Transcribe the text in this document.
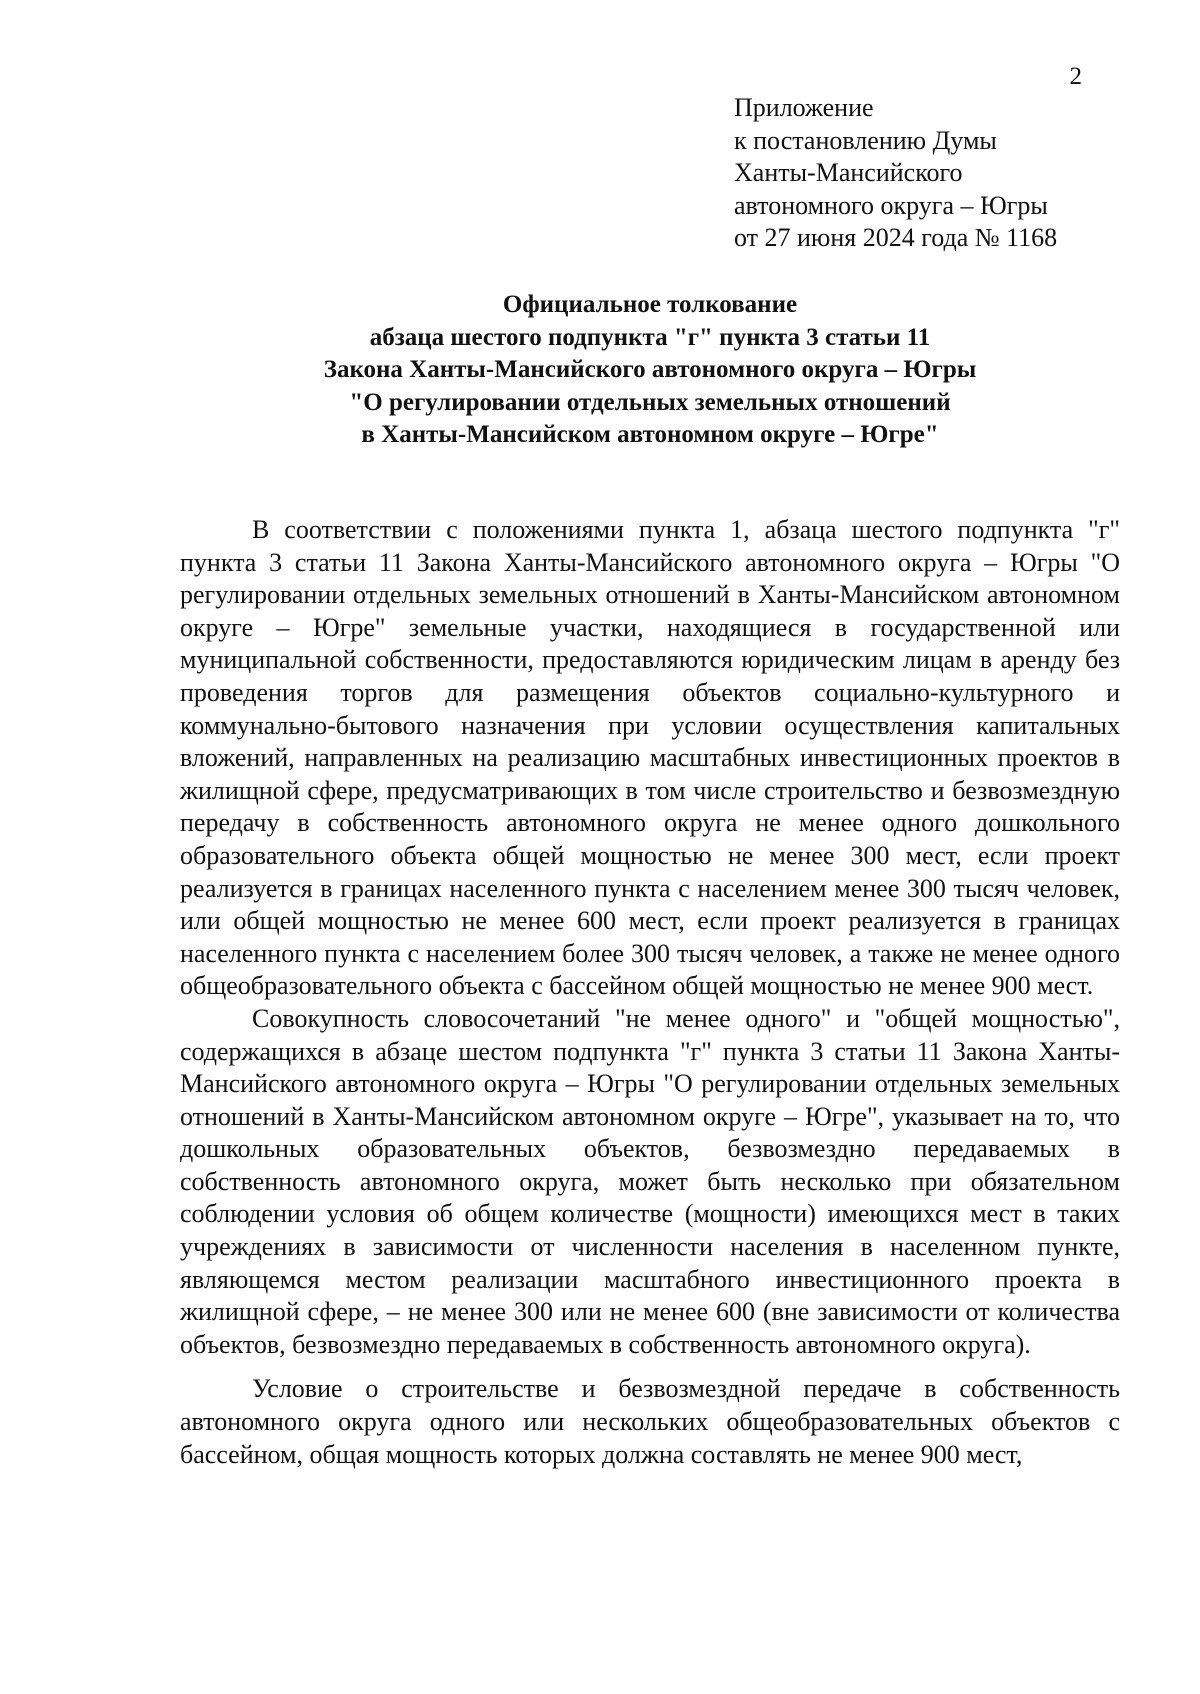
2
Приложение
к постановлению Думы
Ханты-Мансийского
автономного округа – Югры
от 27 июня 2024 года № 1168
Официальное толкование
абзаца шестого подпункта "г" пункта 3 статьи 11
Закона Ханты-Мансийского автономного округа – Югры
"О регулировании отдельных земельных отношений
в Ханты-Мансийском автономном округе – Югре"

В соответствии с положениями пункта 1, абзаца шестого подпункта "г" пункта 3 статьи 11 Закона Ханты-Мансийского автономного округа – Югры "О регулировании отдельных земельных отношений в Ханты-Мансийском автономном округе – Югре" земельные участки, находящиеся в государственной или муниципальной собственности, предоставляются юридическим лицам в аренду без проведения торгов для размещения объектов социально-культурного и коммунально-бытового назначения при условии осуществления капитальных вложений, направленных на реализацию масштабных инвестиционных проектов в жилищной сфере, предусматривающих в том числе строительство и безвозмездную передачу в собственность автономного округа не менее одного дошкольного образовательного объекта общей мощностью не менее 300 мест, если проект реализуется в границах населенного пункта с населением менее 300 тысяч человек, или общей мощностью не менее 600 мест, если проект реализуется в границах населенного пункта с населением более 300 тысяч человек, а также не менее одного общеобразовательного объекта с бассейном общей мощностью не менее 900 мест.

Совокупность словосочетаний "не менее одного" и "общей мощностью", содержащихся в абзаце шестом подпункта "г" пункта 3 статьи 11 Закона Ханты-Мансийского автономного округа – Югры "О регулировании отдельных земельных отношений в Ханты-Мансийском автономном округе – Югре", указывает на то, что дошкольных образовательных объектов, безвозмездно передаваемых в собственность автономного округа, может быть несколько при обязательном соблюдении условия об общем количестве (мощности) имеющихся мест в таких учреждениях в зависимости от численности населения в населенном пункте, являющемся местом реализации масштабного инвестиционного проекта в жилищной сфере, – не менее 300 или не менее 600 (вне зависимости от количества объектов, безвозмездно передаваемых в собственность автономного округа).

Условие о строительстве и безвозмездной передаче в собственность автономного округа одного или нескольких общеобразовательных объектов с бассейном, общая мощность которых должна составлять не менее 900 мест,
